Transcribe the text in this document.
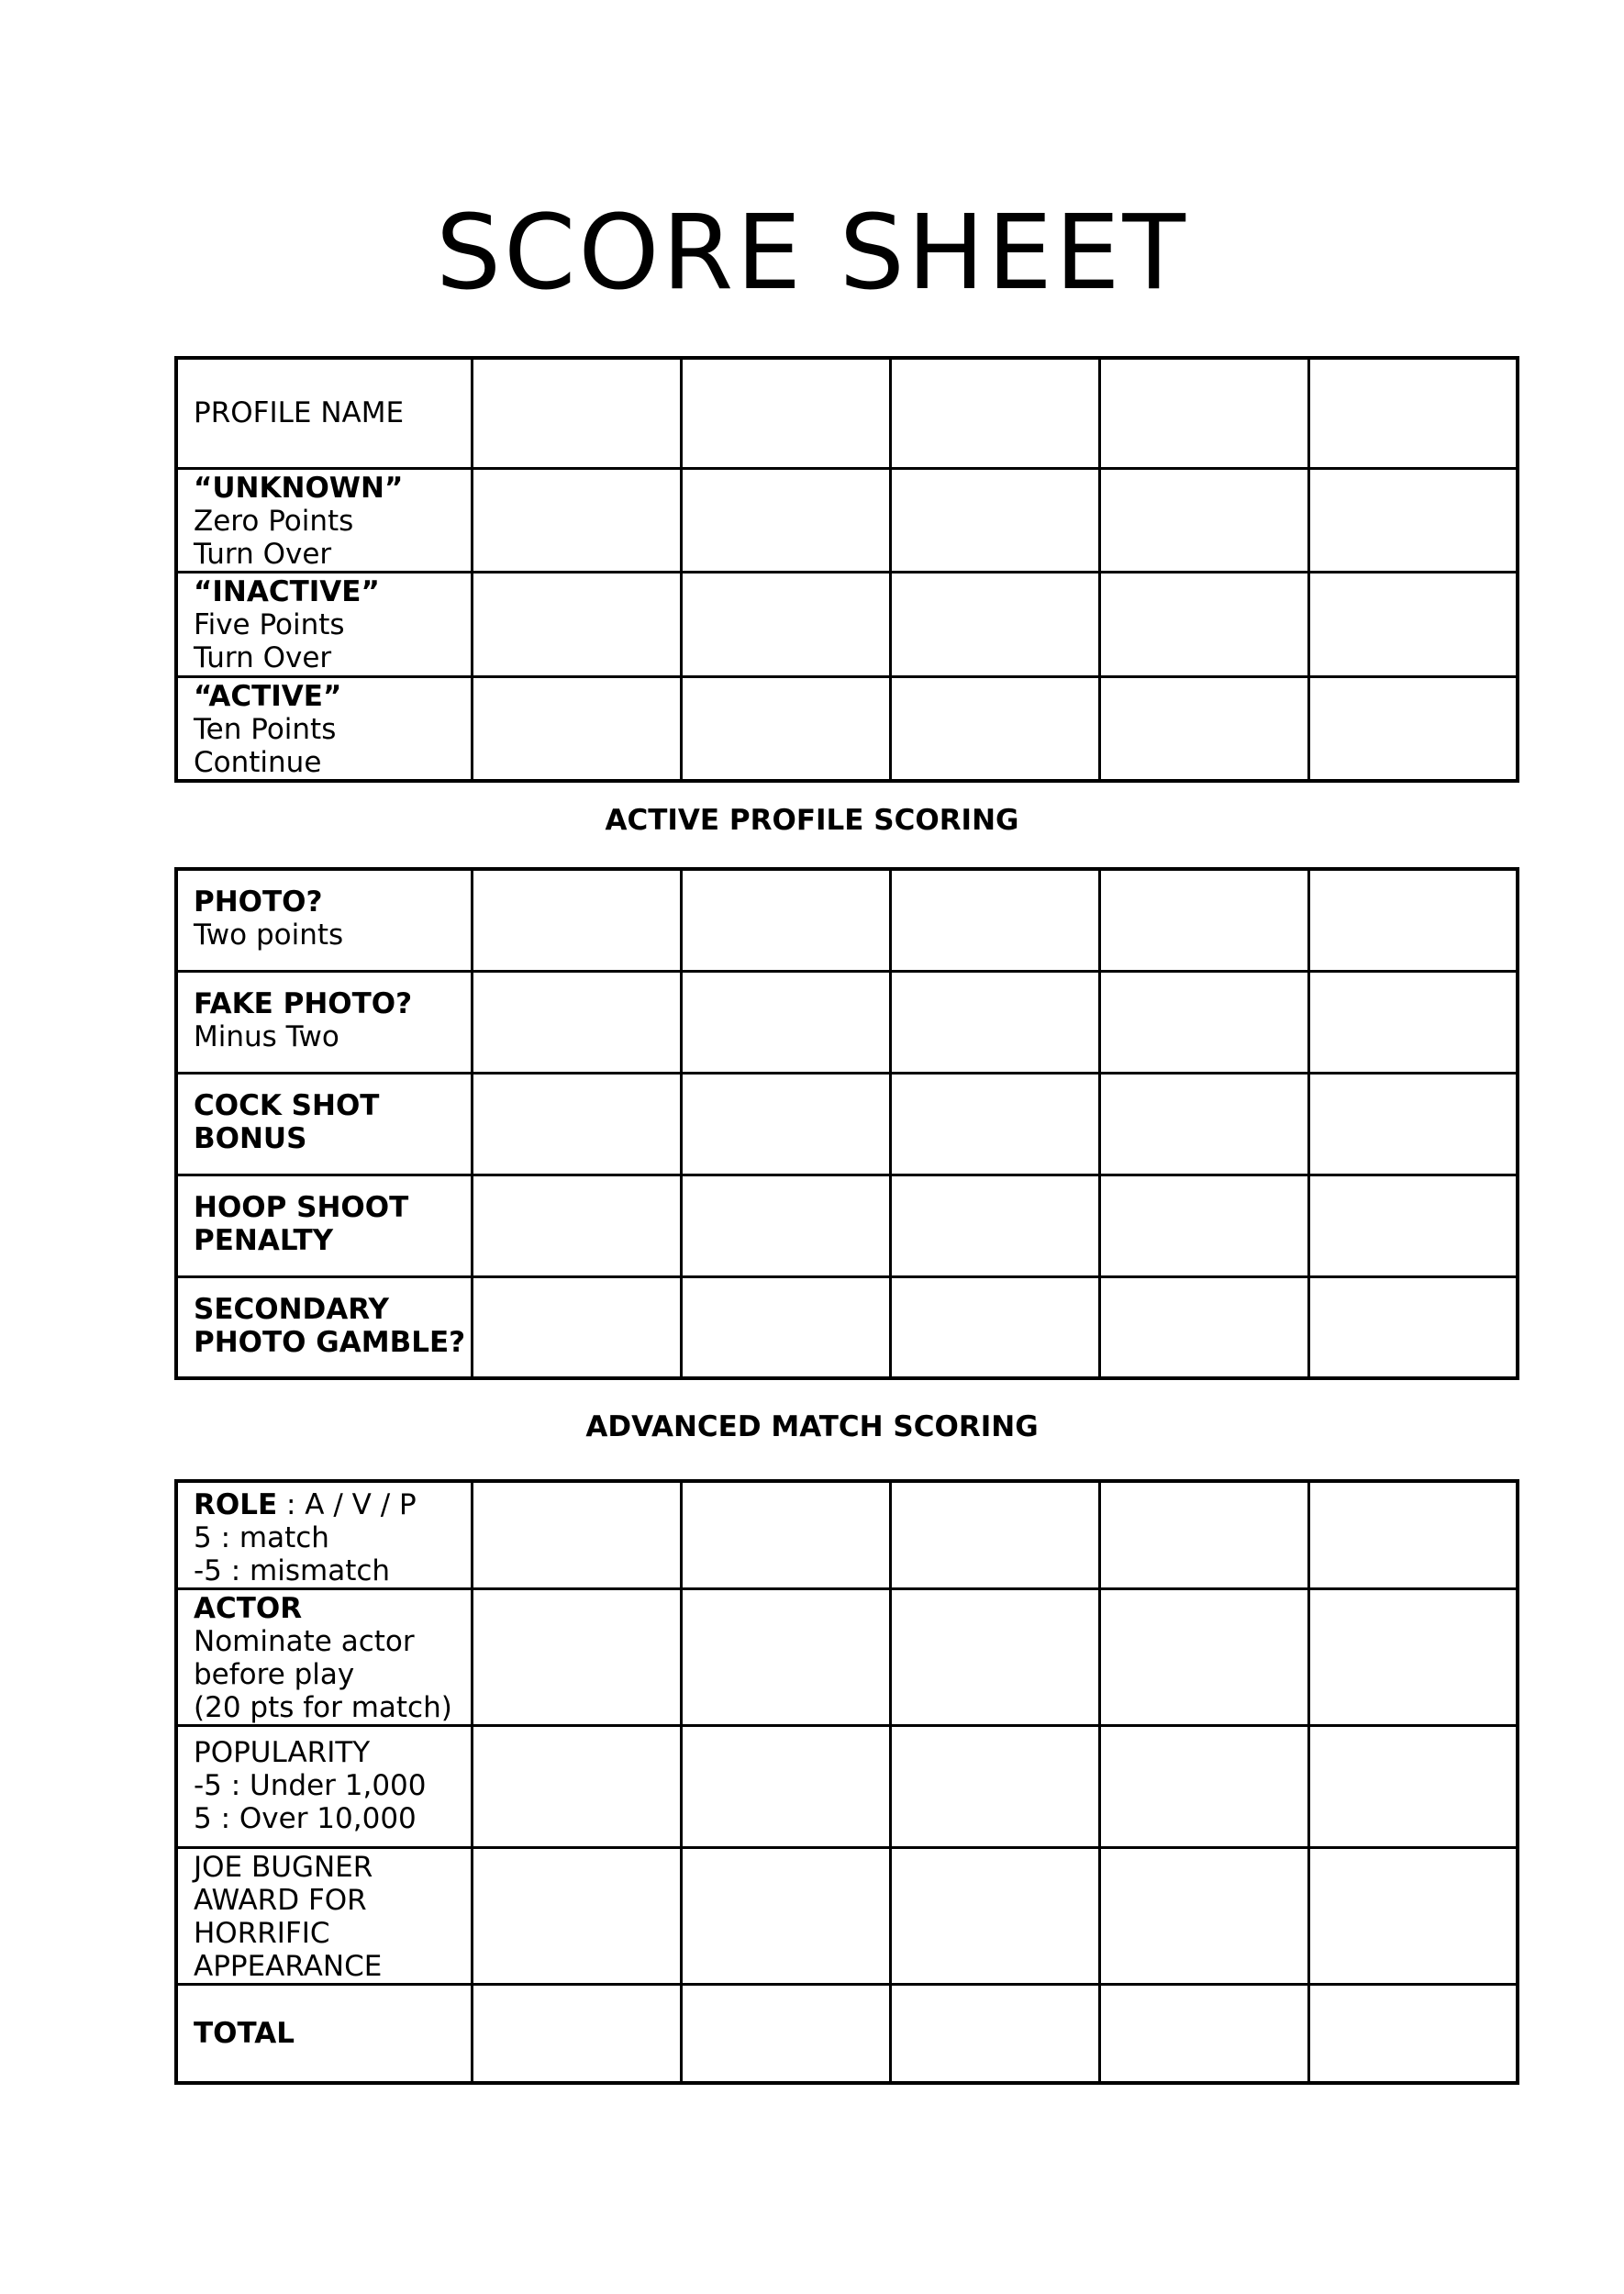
SCORE SHEET
PROFILE NAME					

“UNKNOWN”
Zero Points
Turn Over					

“INACTIVE”
Five Points
Turn Over					

“ACTIVE”
Ten Points
Continue					

ACTIVE PROFILE SCORING
PHOTO?
Two points					

FAKE PHOTO?
Minus Two					

COCK SHOT
BONUS					

HOOP SHOOT
PENALTY					

SECONDARY
PHOTO GAMBLE?					

ADVANCED MATCH SCORING
ROLE : A / V / P
5 : match
-5 : mismatch					

ACTOR
Nominate actor
before play
(20 pts for match)					

POPULARITY
-5 : Under 1,000
5 : Over 10,000					

JOE BUGNER
AWARD FOR
HORRIFIC
APPEARANCE					

TOTAL					
